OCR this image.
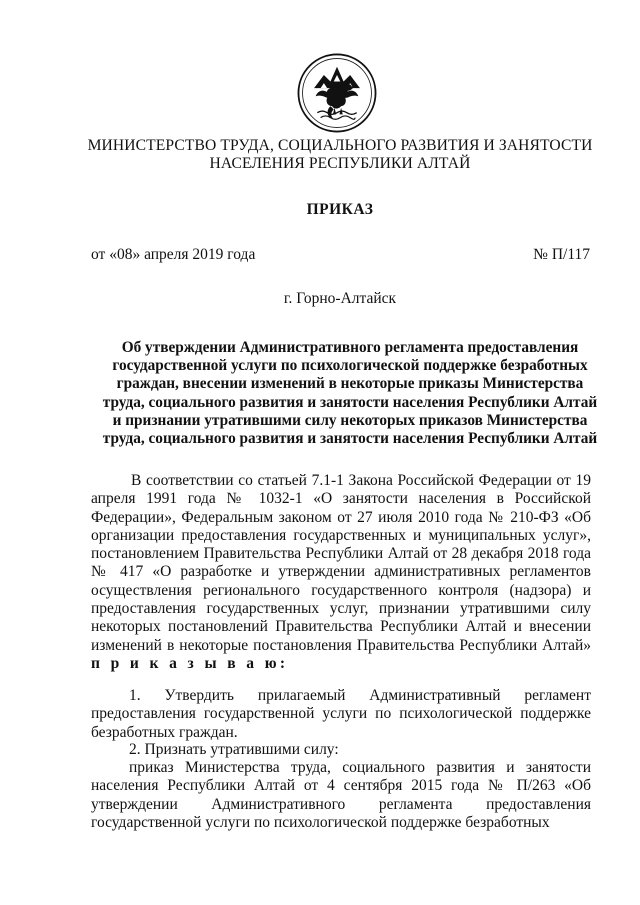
МИНИСТЕРСТВО ТРУДА, СОЦИАЛЬНОГО РАЗВИТИЯ И ЗАНЯТОСТИ
НАСЕЛЕНИЯ РЕСПУБЛИКИ АЛТАЙ
ПРИКАЗ
от «08» апреля 2019 года	№ П/117
г. Горно-Алтайск
Об утверждении Административного регламента предоставления государственной услуги по психологической поддержке безработных граждан, внесении изменений в некоторые приказы Министерства труда, социального развития и занятости населения Республики Алтай и признании утратившими силу некоторых приказов Министерства труда, социального развития и занятости населения Республики Алтай
В соответствии со статьей 7.1-1 Закона Российской Федерации от 19 апреля 1991 года № 1032-1 «О занятости населения в Российской Федерации», Федеральным законом от 27 июля 2010 года № 210-ФЗ «Об организации предоставления государственных и муниципальных услуг», постановлением Правительства Республики Алтай от 28 декабря 2018 года № 417 «О разработке и утверждении административных регламентов осуществления регионального государственного контроля (надзора) и предоставления государственных услуг, признании утратившими силу некоторых постановлений Правительства Республики Алтай и внесении изменений в некоторые постановления Правительства Республики Алтай» п р и к а з ы в а ю:
1. Утвердить прилагаемый Административный регламент предоставления государственной услуги по психологической поддержке безработных граждан.
2. Признать утратившими силу:
приказ Министерства труда, социального развития и занятости населения Республики Алтай от 4 сентября 2015 года № П/263 «Об утверждении Административного регламента предоставления государственной услуги по психологической поддержке безработных
